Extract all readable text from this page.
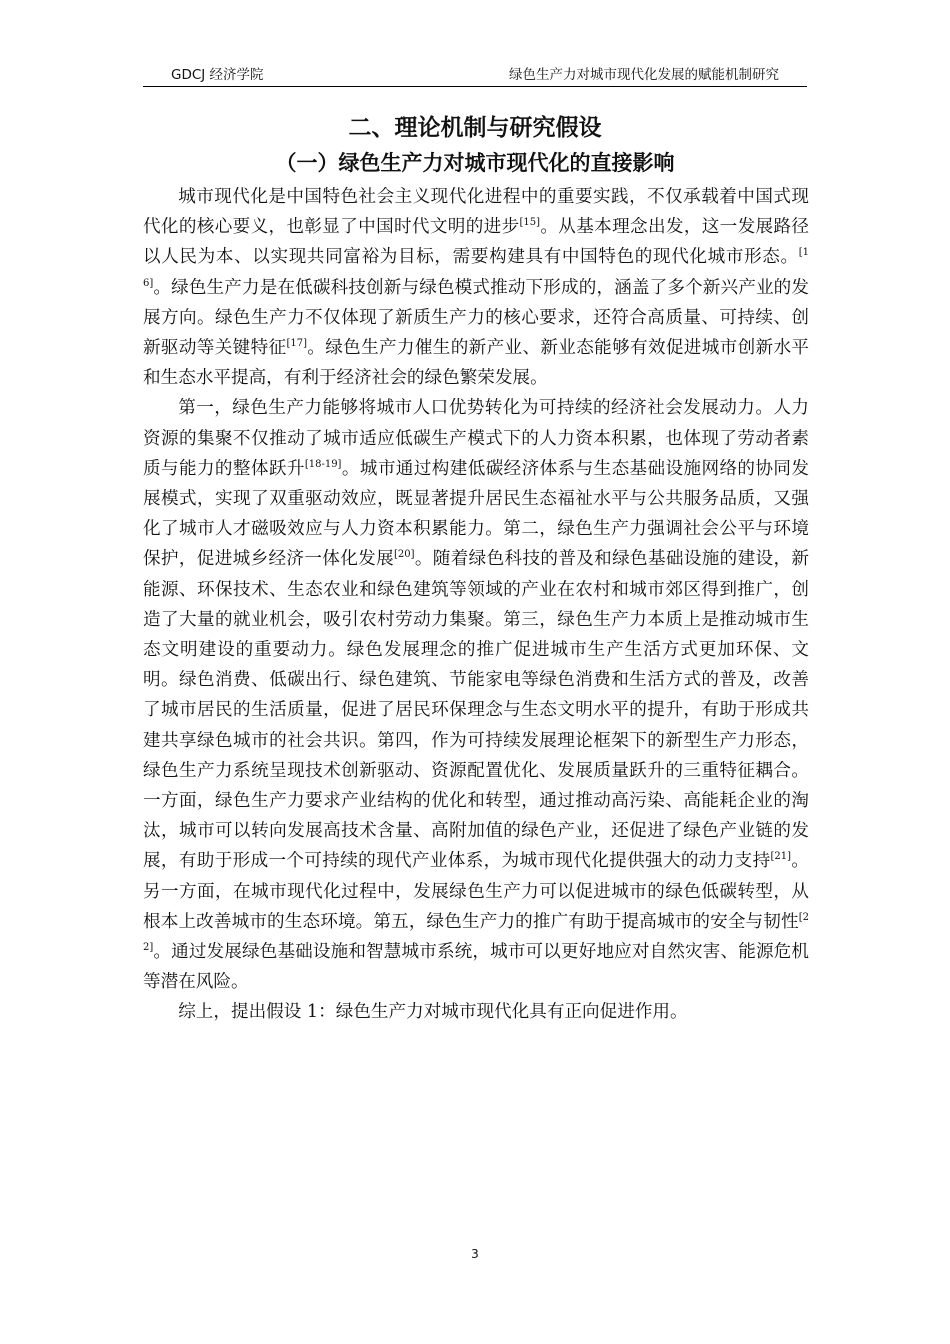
GDCJ 经济学院	绿色生产力对城市现代化发展的赋能机制研究
二、理论机制与研究假设
（一）绿色生产力对城市现代化的直接影响

城市现代化是中国特色社会主义现代化进程中的重要实践，不仅承载着中国式现代化的核心要义，也彰显了中国时代文明的进步[15]。从基本理念出发，这一发展路径以人民为本、以实现共同富裕为目标，需要构建具有中国特色的现代化城市形态。[16]。绿色生产力是在低碳科技创新与绿色模式推动下形成的，涵盖了多个新兴产业的发展方向。绿色生产力不仅体现了新质生产力的核心要求，还符合高质量、可持续、创新驱动等关键特征[17]。绿色生产力催生的新产业、新业态能够有效促进城市创新水平和生态水平提高，有利于经济社会的绿色繁荣发展。

第一，绿色生产力能够将城市人口优势转化为可持续的经济社会发展动力。人力资源的集聚不仅推动了城市适应低碳生产模式下的人力资本积累，也体现了劳动者素质与能力的整体跃升[18-19]。城市通过构建低碳经济体系与生态基础设施网络的协同发展模式，实现了双重驱动效应，既显著提升居民生态福祉水平与公共服务品质，又强化了城市人才磁吸效应与人力资本积累能力。第二，绿色生产力强调社会公平与环境保护，促进城乡经济一体化发展[20]。随着绿色科技的普及和绿色基础设施的建设，新能源、环保技术、生态农业和绿色建筑等领域的产业在农村和城市郊区得到推广，创造了大量的就业机会，吸引农村劳动力集聚。第三，绿色生产力本质上是推动城市生态文明建设的重要动力。绿色发展理念的推广促进城市生产生活方式更加环保、文明。绿色消费、低碳出行、绿色建筑、节能家电等绿色消费和生活方式的普及，改善了城市居民的生活质量，促进了居民环保理念与生态文明水平的提升，有助于形成共建共享绿色城市的社会共识。第四，作为可持续发展理论框架下的新型生产力形态，绿色生产力系统呈现技术创新驱动、资源配置优化、发展质量跃升的三重特征耦合。一方面，绿色生产力要求产业结构的优化和转型，通过推动高污染、高能耗企业的淘汰，城市可以转向发展高技术含量、高附加值的绿色产业，还促进了绿色产业链的发展，有助于形成一个可持续的现代产业体系，为城市现代化提供强大的动力支持[21]。另一方面，在城市现代化过程中，发展绿色生产力可以促进城市的绿色低碳转型，从根本上改善城市的生态环境。第五，绿色生产力的推广有助于提高城市的安全与韧性[22]。通过发展绿色基础设施和智慧城市系统，城市可以更好地应对自然灾害、能源危机等潜在风险。

综上，提出假设 1：绿色生产力对城市现代化具有正向促进作用。

3
